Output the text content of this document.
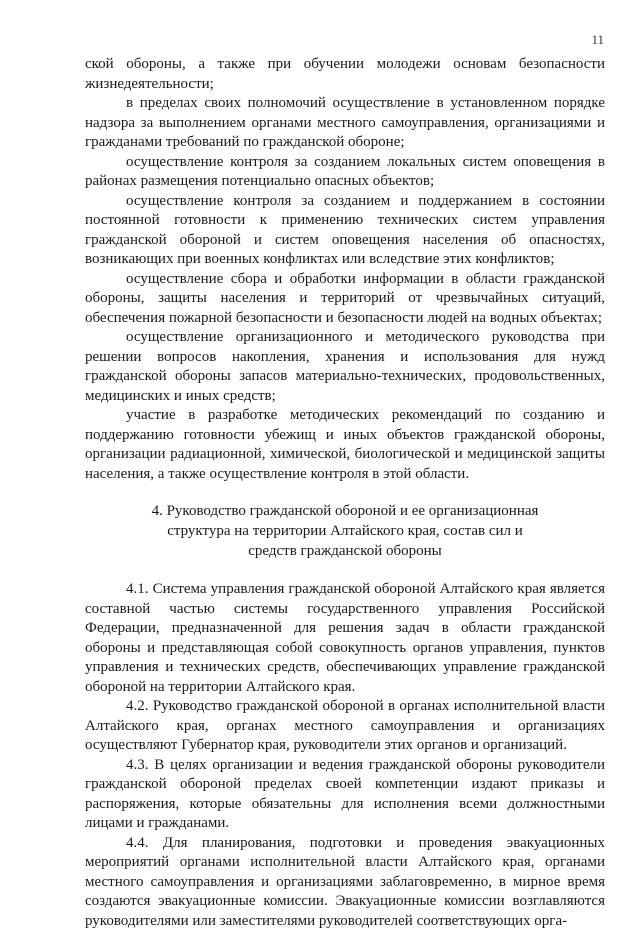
11

ской обороны, а также при обучении молодежи основам безопасности жизнедеятельности;

в пределах своих полномочий осуществление в установленном порядке надзора за выполнением органами местного самоуправления, организациями и гражданами требований по гражданской обороне;

осуществление контроля за созданием локальных систем оповещения в районах размещения потенциально опасных объектов;

осуществление контроля за созданием и поддержанием в состоянии постоянной готовности к применению технических систем управления гражданской обороной и систем оповещения населения об опасностях, возникающих при военных конфликтах или вследствие этих конфликтов;

осуществление сбора и обработки информации в области гражданской обороны, защиты населения и территорий от чрезвычайных ситуаций, обеспечения пожарной безопасности и безопасности людей на водных объектах;

осуществление организационного и методического руководства при решении вопросов накопления, хранения и использования для нужд гражданской обороны запасов материально-технических, продовольственных, медицинских и иных средств;

участие в разработке методических рекомендаций по созданию и поддержанию готовности убежищ и иных объектов гражданской обороны, организации радиационной, химической, биологической и медицинской защиты населения, а также осуществление контроля в этой области.

4. Руководство гражданской обороной и ее организационная
структура на территории Алтайского края, состав сил и
средств гражданской обороны

4.1. Система управления гражданской обороной Алтайского края является составной частью системы государственного управления Российской Федерации, предназначенной для решения задач в области гражданской обороны и представляющая собой совокупность органов управления, пунктов управления и технических средств, обеспечивающих управление гражданской обороной на территории Алтайского края.

4.2. Руководство гражданской обороной в органах исполнительной власти Алтайского края, органах местного самоуправления и организациях осуществляют Губернатор края, руководители этих органов и организаций.

4.3. В целях организации и ведения гражданской обороны руководители гражданской обороной пределах своей компетенции издают приказы и распоряжения, которые обязательны для исполнения всеми должностными лицами и гражданами.

4.4. Для планирования, подготовки и проведения эвакуационных мероприятий органами исполнительной власти Алтайского края, органами местного самоуправления и организациями заблаговременно, в мирное время создаются эвакуационные комиссии. Эвакуационные комиссии возглавляются руководителями или заместителями руководителей соответствующих орга-
